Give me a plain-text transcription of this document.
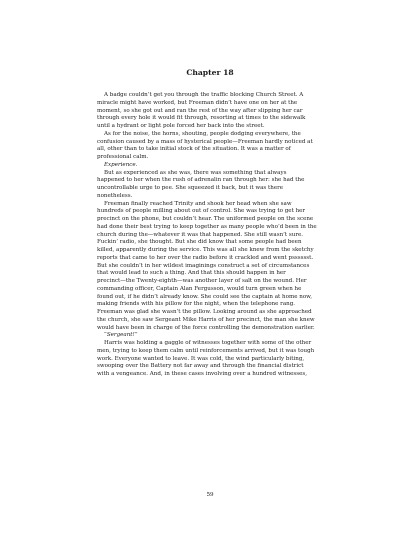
Chapter 18
A badge couldn’t get you through the traffic blocking Church Street. A
miracle might have worked, but Freeman didn’t have one on her at the
moment, so she got out and ran the rest of the way after slipping her car
through every hole it would fit through, resorting at times to the sidewalk
until a hydrant or light pole forced her back into the street.
As for the noise, the horns, shouting, people dodging everywhere, the
confusion caused by a mass of hysterical people—Freeman hardly noticed at
all, other than to take initial stock of the situation. It was a matter of
professional calm.
Experience.
But as experienced as she was, there was something that always
happened to her when the rush of adrenalin ran through her: she had the
uncontrollable urge to pee. She squeezed it back, but it was there
nonetheless.
Freeman finally reached Trinity and shook her head when she saw
hundreds of people milling about out of control. She was trying to get her
precinct on the phone, but couldn’t hear. The uniformed people on the scene
had done their best trying to keep together as many people who’d been in the
church during the—whatever it was that happened. She still wasn’t sure.
Fuckin’ radio, she thought. But she did know that some people had been
killed, apparently during the service. This was all she knew from the sketchy
reports that came to her over the radio before it crackled and went psssssst.
But she couldn’t in her wildest imaginings construct a set of circumstances
that would lead to such a thing. And that this should happen in her
precinct—the Twenty-eighth—was another layer of salt on the wound. Her
commanding officer, Captain Alan Fergusson, would turn green when he
found out, if he didn’t already know. She could see the captain at home now,
making friends with his pillow for the night, when the telephone rang.
Freeman was glad she wasn’t the pillow. Looking around as she approached
the church, she saw Sergeant Mike Harris of her precinct, the man she knew
would have been in charge of the force controlling the demonstration earlier.
“Sergeant!”
Harris was holding a gaggle of witnesses together with some of the other
men, trying to keep them calm until reinforcements arrived, but it was tough
work. Everyone wanted to leave. It was cold, the wind particularly biting,
swooping over the Battery not far away and through the financial district
with a vengeance. And, in these cases involving over a hundred witnesses,
59
